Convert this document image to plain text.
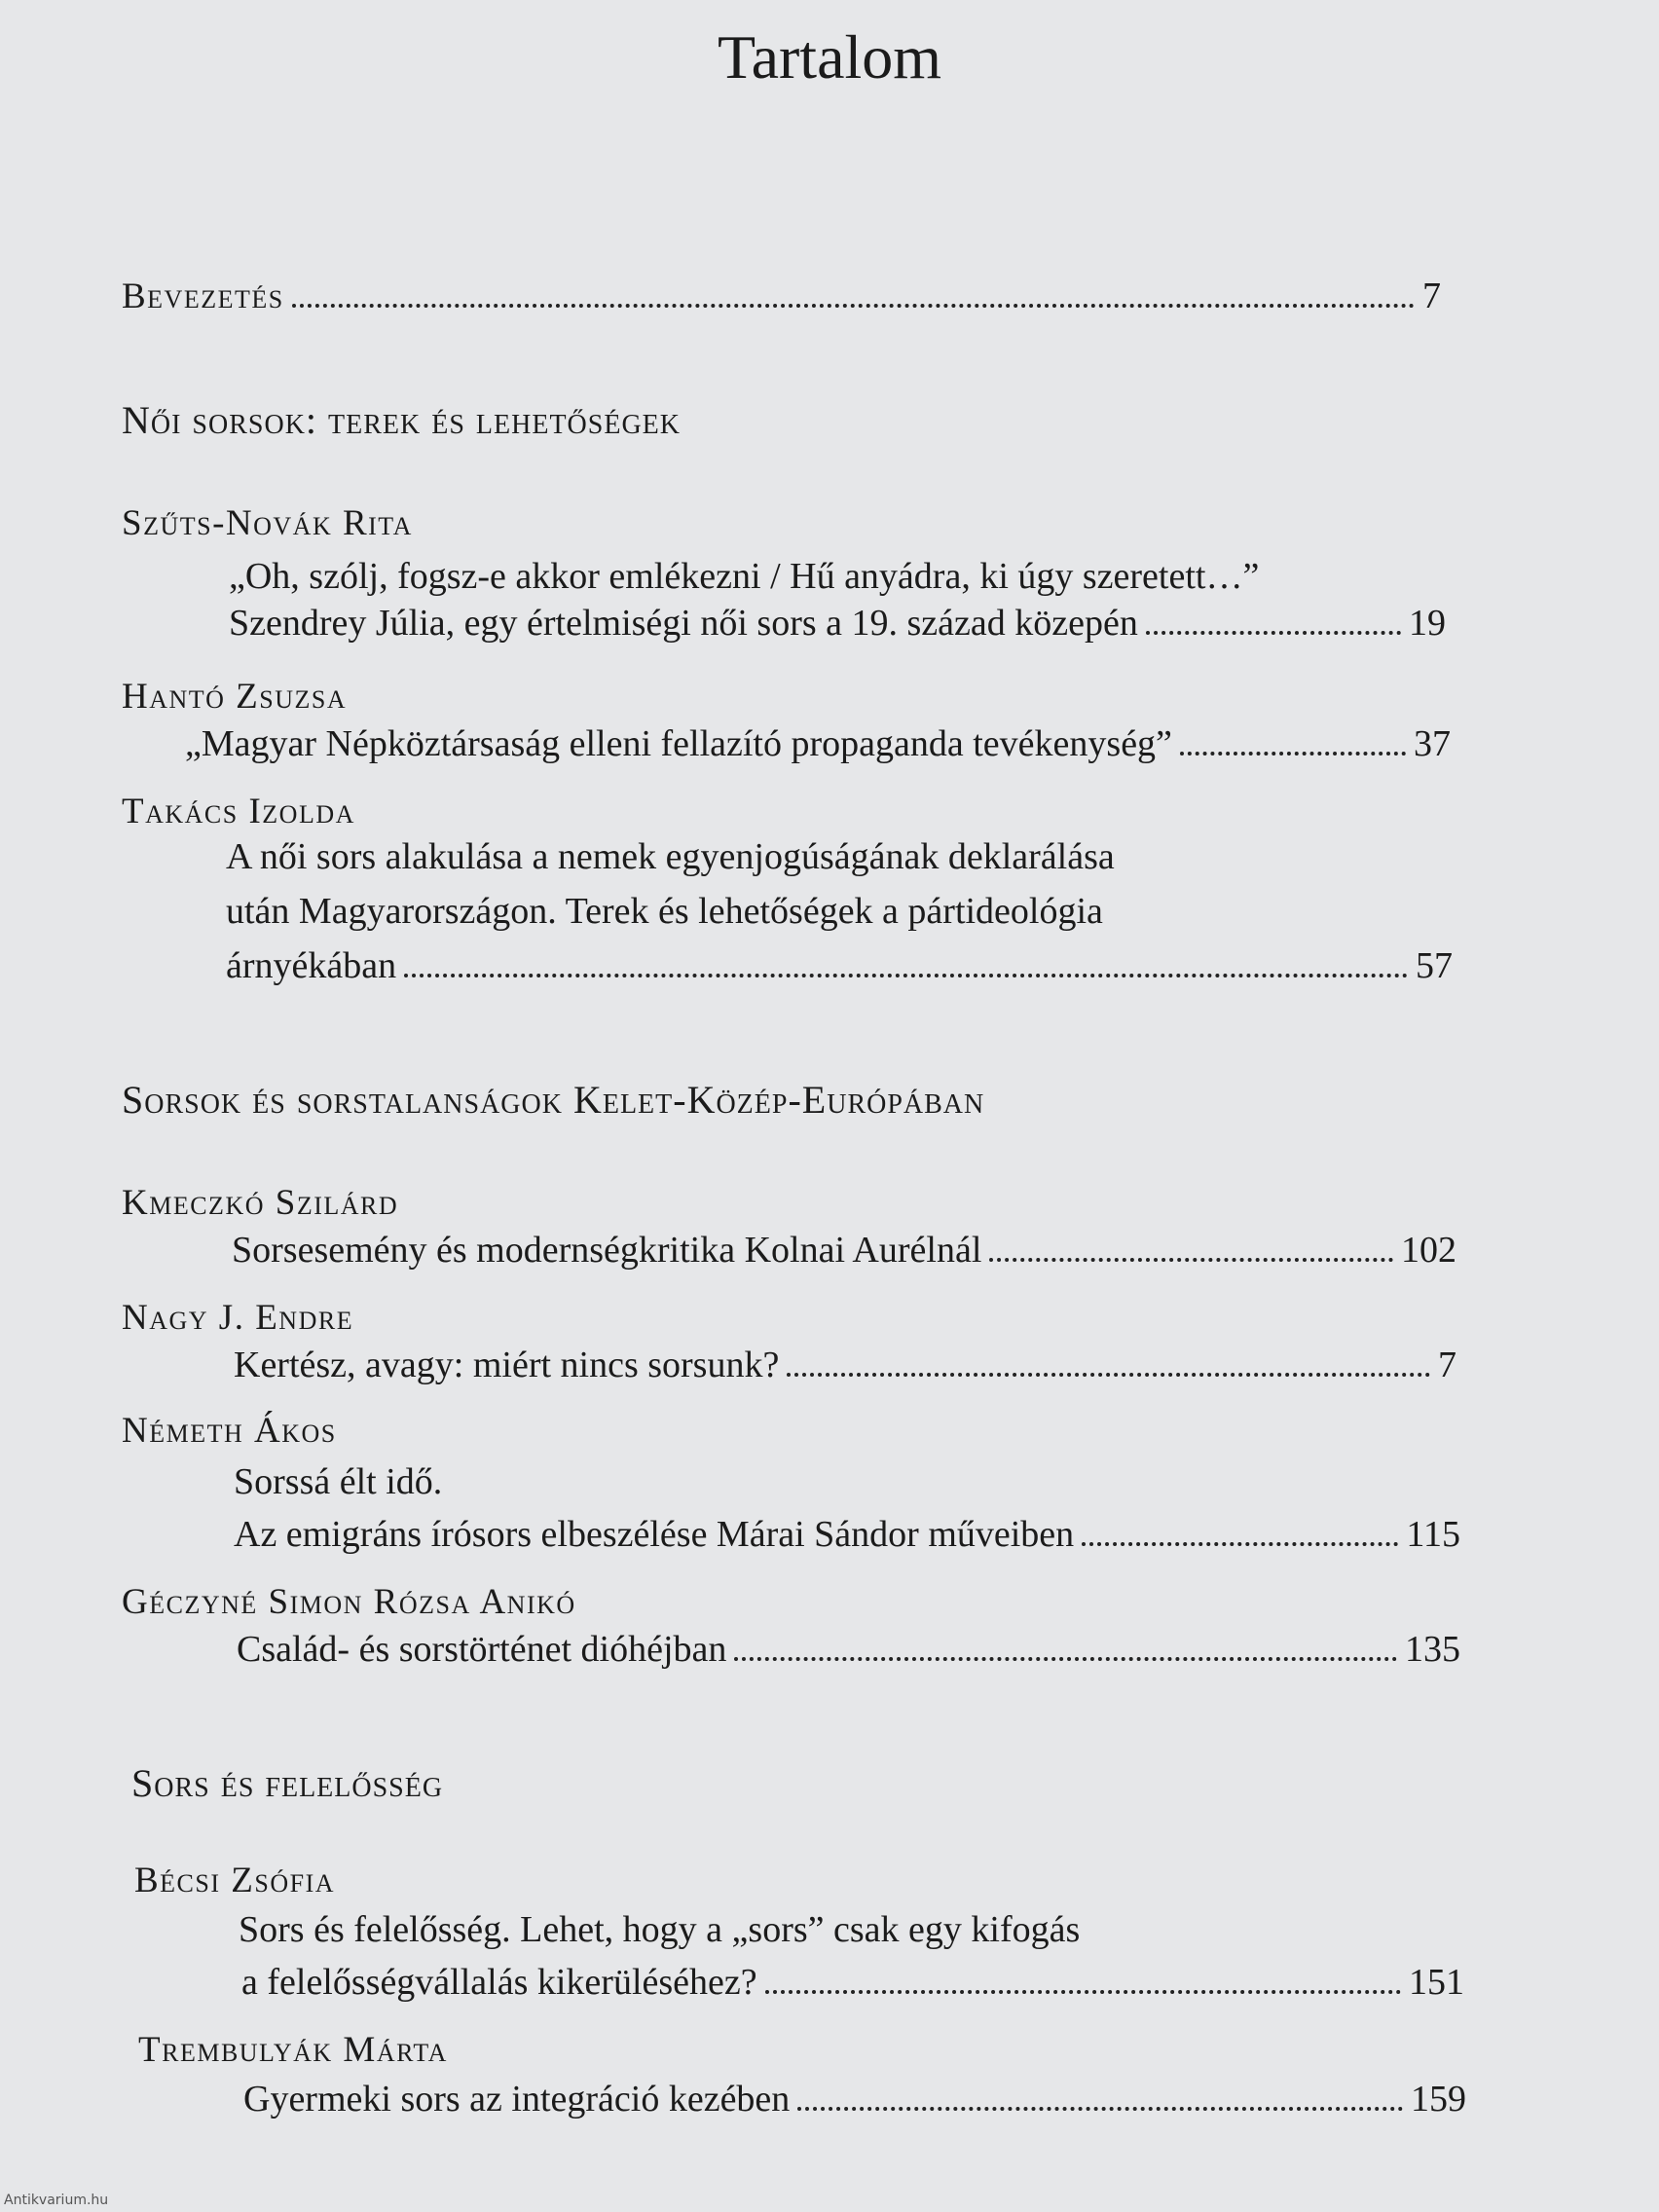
Tartalom
Bevezetés	7
Női sorsok: terek és lehetőségek
Szűts-Novák Rita
„Oh, szólj, fogsz-e akkor emlékezni / Hű anyádra, ki úgy szeretett…”
Szendrey Júlia, egy értelmiségi női sors a 19. század közepén	19
Hantó Zsuzsa
„Magyar Népköztársaság elleni fellazító propaganda tevékenység”	37
Takács Izolda
A női sors alakulása a nemek egyenjogúságának deklarálása
után Magyarországon. Terek és lehetőségek a pártideológia
árnyékában	57
Sorsok és sorstalanságok Kelet-Közép-Európában
Kmeczkó Szilárd
Sorsesemény és modernségkritika Kolnai Aurélnál	102
Nagy J. Endre
Kertész, avagy: miért nincs sorsunk?	7
Németh Ákos
Sorssá élt idő.
Az emigráns írósors elbeszélése Márai Sándor műveiben	115
Géczyné Simon Rózsa Anikó
Család- és sorstörténet dióhéjban	135
Sors és felelősség
Bécsi Zsófia
Sors és felelősség. Lehet, hogy a „sors” csak egy kifogás
a felelősségvállalás kikerüléséhez?	151
Trembulyák Márta
Gyermeki sors az integráció kezében	159
Antikvarium.hu
